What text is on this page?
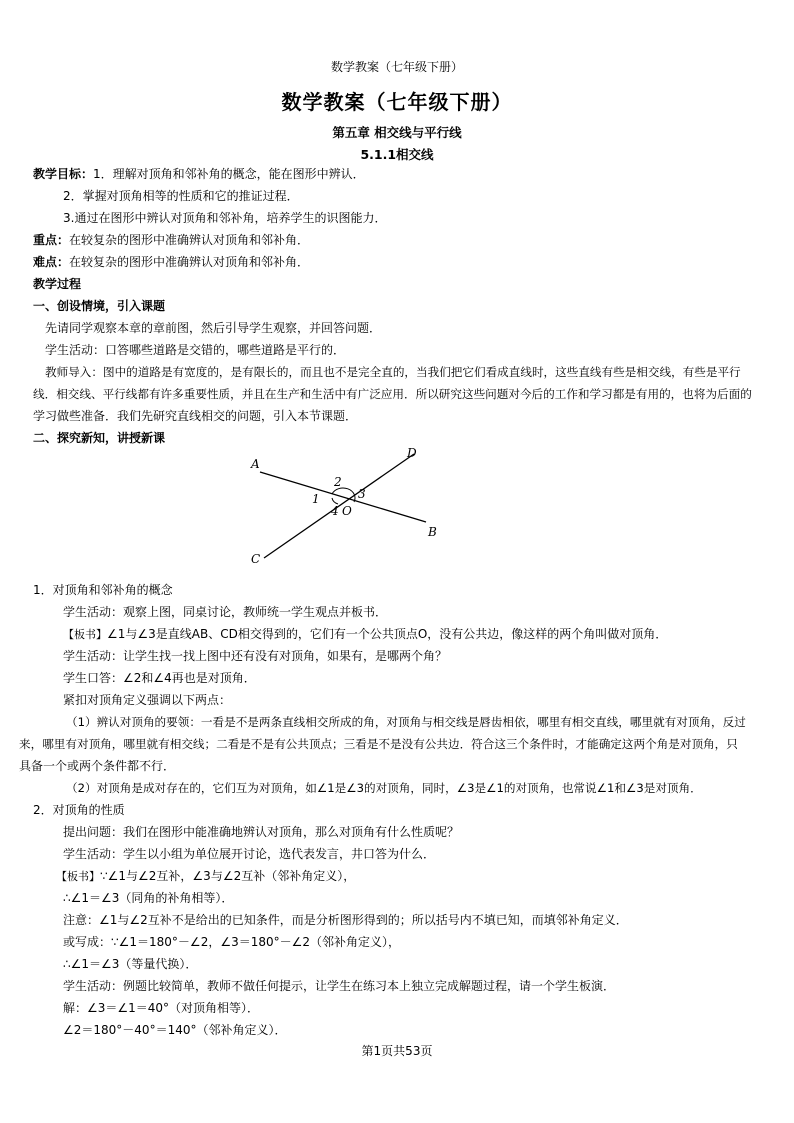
数学教案（七年级下册）
数学教案（七年级下册）
第五章 相交线与平行线
5.1.1相交线
教学目标：1．理解对顶角和邻补角的概念，能在图形中辨认．
2．掌握对顶角相等的性质和它的推证过程．
3.通过在图形中辨认对顶角和邻补角，培养学生的识图能力．
重点：在较复杂的图形中准确辨认对顶角和邻补角．
难点：在较复杂的图形中准确辨认对顶角和邻补角．
教学过程
一、创设情境，引入课题
先请同学观察本章的章前图，然后引导学生观察，并回答问题．
学生活动：口答哪些道路是交错的，哪些道路是平行的．
教师导入：图中的道路是有宽度的，是有限长的，而且也不是完全直的，当我们把它们看成直线时，这些直线有些是相交线，有些是平行
线．相交线、平行线都有许多重要性质，并且在生产和生活中有广泛应用．所以研究这些问题对今后的工作和学习都是有用的，也将为后面的
学习做些准备．我们先研究直线相交的问题，引入本节课题．
二、探究新知，讲授新课
A
B
C
D
O
1
2
3
4
1．对顶角和邻补角的概念
学生活动：观察上图，同桌讨论，教师统一学生观点并板书．
【板书】∠1与∠3是直线AB、CD相交得到的，它们有一个公共顶点O，没有公共边，像这样的两个角叫做对顶角．
学生活动：让学生找一找上图中还有没有对顶角，如果有，是哪两个角？
学生口答：∠2和∠4再也是对顶角．
紧扣对顶角定义强调以下两点：
（1）辨认对顶角的要领：一看是不是两条直线相交所成的角，对顶角与相交线是唇齿相依，哪里有相交直线，哪里就有对顶角，反过
来，哪里有对顶角，哪里就有相交线；二看是不是有公共顶点；三看是不是没有公共边．符合这三个条件时，才能确定这两个角是对顶角，只
具备一个或两个条件都不行．
（2）对顶角是成对存在的，它们互为对顶角，如∠1是∠3的对顶角，同时，∠3是∠1的对顶角，也常说∠1和∠3是对顶角．
2．对顶角的性质
提出问题：我们在图形中能准确地辨认对顶角，那么对顶角有什么性质呢？
学生活动：学生以小组为单位展开讨论，选代表发言，井口答为什么．
【板书】∵∠1与∠2互补，∠3与∠2互补（邻补角定义），
∴∠1＝∠3（同角的补角相等）．
注意：∠1与∠2互补不是给出的已知条件，而是分析图形得到的；所以括号内不填已知，而填邻补角定义．
或写成：∵∠1＝180°－∠2，∠3＝180°－∠2（邻补角定义），
∴∠1＝∠3（等量代换）．
学生活动：例题比较简单，教师不做任何提示，让学生在练习本上独立完成解题过程，请一个学生板演．
解：∠3＝∠1＝40°（对顶角相等）．
∠2＝180°－40°＝140°（邻补角定义）．
第1页共53页
